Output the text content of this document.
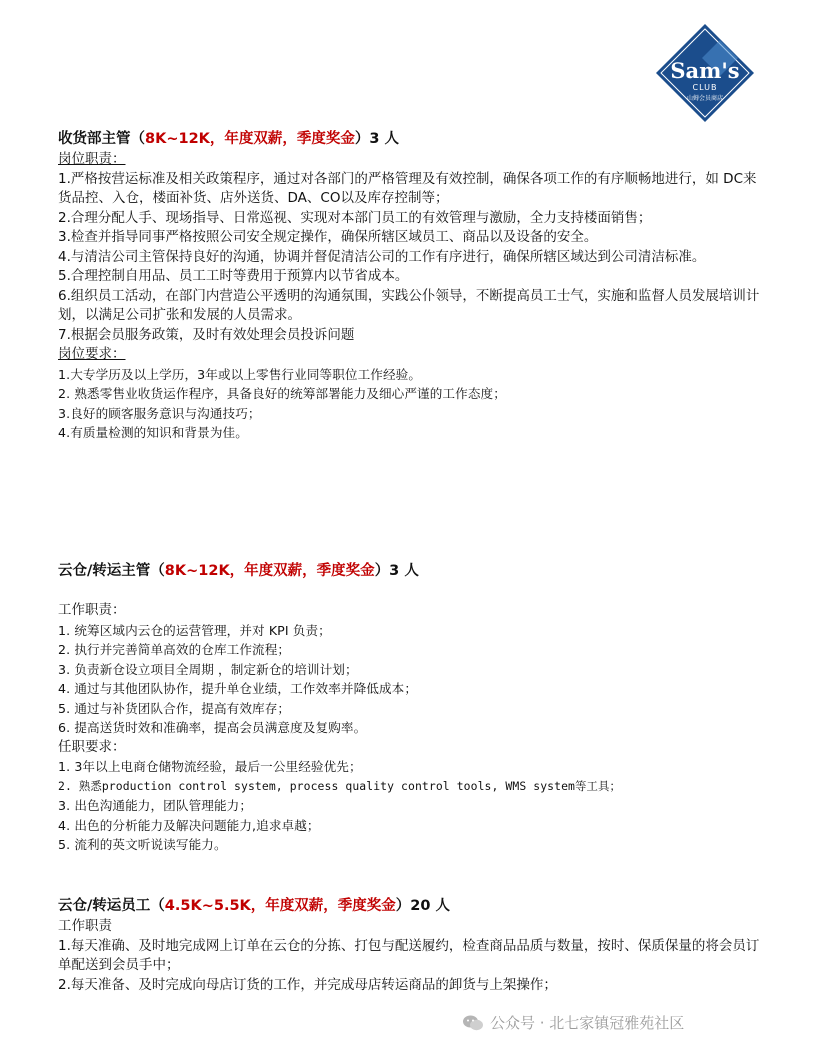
Sam's
CLUB
山姆会员商店
收货部主管（8K~12K，年度双薪，季度奖金）3 人
岗位职责：
1.严格按营运标准及相关政策程序，通过对各部门的严格管理及有效控制，确保各项工作的有序顺畅地进行，如 DC来货品控、入仓，楼面补货、店外送货、DA、CO以及库存控制等；
2.合理分配人手、现场指导、日常巡视、实现对本部门员工的有效管理与激励，全力支持楼面销售；
3.检查并指导同事严格按照公司安全规定操作，确保所辖区域员工、商品以及设备的安全。
4.与清洁公司主管保持良好的沟通，协调并督促清洁公司的工作有序进行，确保所辖区域达到公司清洁标准。
5.合理控制自用品、员工工时等费用于预算内以节省成本。
6.组织员工活动，在部门内营造公平透明的沟通氛围，实践公仆领导，不断提高员工士气，实施和监督人员发展培训计划，以满足公司扩张和发展的人员需求。
7.根据会员服务政策，及时有效处理会员投诉问题
岗位要求：
1.大专学历及以上学历，3年或以上零售行业同等职位工作经验。
2. 熟悉零售业收货运作程序，具备良好的统筹部署能力及细心严谨的工作态度；
3.良好的顾客服务意识与沟通技巧；
4.有质量检测的知识和背景为佳。
云仓/转运主管（8K~12K，年度双薪，季度奖金）3 人
工作职责：
1. 统筹区域内云仓的运营管理，并对 KPI 负责；
2. 执行并完善简单高效的仓库工作流程；
3. 负责新仓设立项目全周期 ，制定新仓的培训计划；
4. 通过与其他团队协作，提升单仓业绩，工作效率并降低成本；
5. 通过与补货团队合作，提高有效库存；
6. 提高送货时效和准确率，提高会员满意度及复购率。
任职要求：
1. 3年以上电商仓储物流经验，最后一公里经验优先；
2. 熟悉production control system, process quality control tools, WMS system等工具；
3. 出色沟通能力，团队管理能力；
4. 出色的分析能力及解决问题能力,追求卓越；
5. 流利的英文听说读写能力。
云仓/转运员工（4.5K~5.5K，年度双薪，季度奖金）20 人
工作职责
1.每天准确、及时地完成网上订单在云仓的分拣、打包与配送履约，检查商品品质与数量，按时、保质保量的将会员订单配送到会员手中；
2.每天准备、及时完成向母店订货的工作，并完成母店转运商品的卸货与上架操作；
公众号 · 北七家镇冠雅苑社区
